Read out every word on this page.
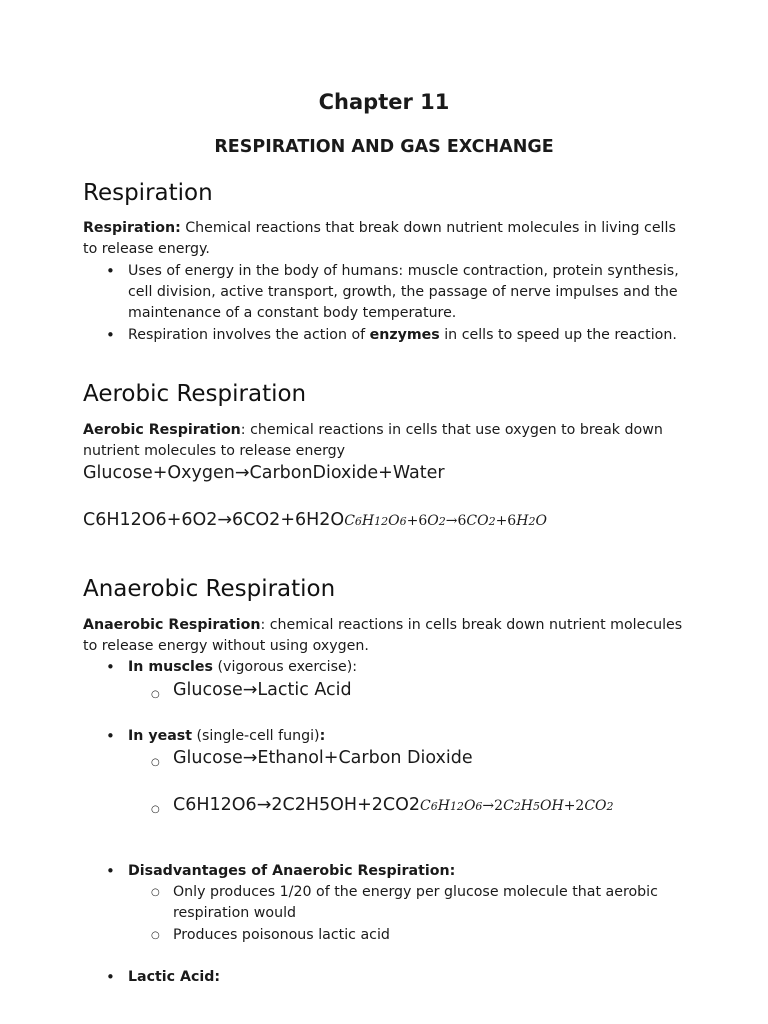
Chapter 11
RESPIRATION AND GAS EXCHANGE
Respiration
Respiration: Chemical reactions that break down nutrient molecules in living cells to release energy.
• Uses of energy in the body of humans: muscle contraction, protein synthesis, cell division, active transport, growth, the passage of nerve impulses and the maintenance of a constant body temperature.
• Respiration involves the action of enzymes in cells to speed up the reaction.
Aerobic Respiration
Aerobic Respiration: chemical reactions in cells that use oxygen to break down nutrient molecules to release energy
Glucose+Oxygen→CarbonDioxide+Water
C6H12O6+6O2→6CO2+6H2OC6H12O6+6O2→6CO2+6H2O
Anaerobic Respiration
Anaerobic Respiration: chemical reactions in cells break down nutrient molecules to release energy without using oxygen.
• In muscles (vigorous exercise):
○ Glucose→Lactic Acid
• In yeast (single-cell fungi):
○ Glucose→Ethanol+Carbon Dioxide
○ C6H12O6→2C2H5OH+2CO2C6H12O6→2C2H5OH+2CO2
• Disadvantages of Anaerobic Respiration:
○ Only produces 1/20 of the energy per glucose molecule that aerobic respiration would
○ Produces poisonous lactic acid
• Lactic Acid:
